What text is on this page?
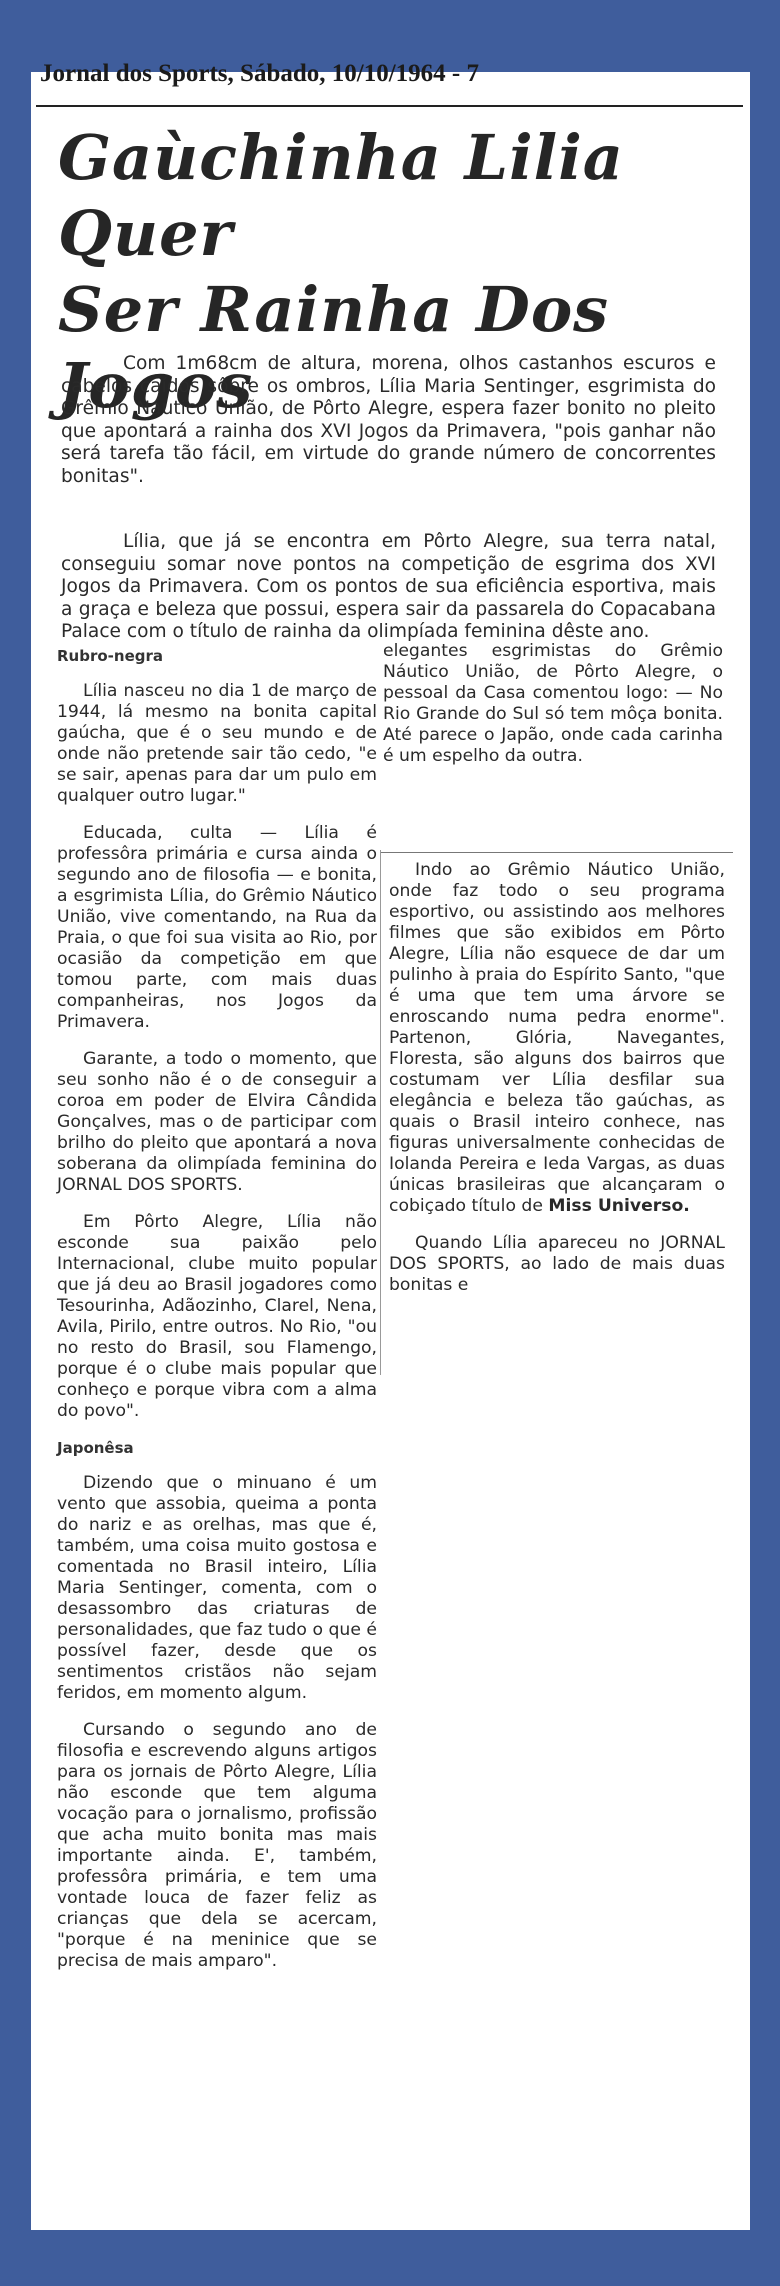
Jornal dos Sports, Sábado, 10/10/1964 - 7
Gaùchinha Lilia Quer
Ser Rainha Dos Jogos

Com 1m68cm de altura, morena, olhos castanhos escuros e cabelos caídos sôbre os ombros, Lília Maria Sentinger, esgrimista do Grêmio Náutico União, de Pôrto Alegre, espera fazer bonito no pleito que apontará a rainha dos XVI Jogos da Primavera, "pois ganhar não será tarefa tão fácil, em virtude do grande número de concorrentes bonitas".

Lília, que já se encontra em Pôrto Alegre, sua terra natal, conseguiu somar nove pontos na competição de esgrima dos XVI Jogos da Primavera. Com os pontos de sua eficiência esportiva, mais a graça e beleza que possui, espera sair da passarela do Copacabana Palace com o título de rainha da olimpíada feminina dêste ano.

Rubro-negra

Lília nasceu no dia 1 de março de 1944, lá mesmo na bonita capital gaúcha, que é o seu mundo e de onde não pretende sair tão cedo, "e se sair, apenas para dar um pulo em qualquer outro lugar."

Educada, culta — Lília é professôra primária e cursa ainda o segundo ano de filosofia — e bonita, a esgrimista Lília, do Grêmio Náutico União, vive comentando, na Rua da Praia, o que foi sua visita ao Rio, por ocasião da competição em que tomou parte, com mais duas companheiras, nos Jogos da Primavera.

Garante, a todo o momento, que seu sonho não é o de conseguir a coroa em poder de Elvira Cândida Gonçalves, mas o de participar com brilho do pleito que apontará a nova soberana da olimpíada feminina do JORNAL DOS SPORTS.

Em Pôrto Alegre, Lília não esconde sua paixão pelo Internacional, clube muito popular que já deu ao Brasil jogadores como Tesourinha, Adãozinho, Clarel, Nena, Avila, Pirilo, entre outros. No Rio, "ou no resto do Brasil, sou Flamengo, porque é o clube mais popular que conheço e porque vibra com a alma do povo".

Japonêsa

Dizendo que o minuano é um vento que assobia, queima a ponta do nariz e as orelhas, mas que é, também, uma coisa muito gostosa e comentada no Brasil inteiro, Lília Maria Sentinger, comenta, com o desassombro das criaturas de personalidades, que faz tudo o que é possível fazer, desde que os sentimentos cristãos não sejam feridos, em momento algum.

Cursando o segundo ano de filosofia e escrevendo alguns artigos para os jornais de Pôrto Alegre, Lília não esconde que tem alguma vocação para o jornalismo, profissão que acha muito bonita mas mais importante ainda. E', também, professôra primária, e tem uma vontade louca de fazer feliz as crianças que dela se acercam, "porque é na meninice que se precisa de mais amparo".

elegantes esgrimistas do Grêmio Náutico União, de Pôrto Alegre, o pessoal da Casa comentou logo: — No Rio Grande do Sul só tem môça bonita. Até parece o Japão, onde cada carinha é um espelho da outra.

Indo ao Grêmio Náutico União, onde faz todo o seu programa esportivo, ou assistindo aos melhores filmes que são exibidos em Pôrto Alegre, Lília não esquece de dar um pulinho à praia do Espírito Santo, "que é uma que tem uma árvore se enroscando numa pedra enorme". Partenon, Glória, Navegantes, Floresta, são alguns dos bairros que costumam ver Lília desfilar sua elegância e beleza tão gaúchas, as quais o Brasil inteiro conhece, nas figuras universalmente conhecidas de Iolanda Pereira e Ieda Vargas, as duas únicas brasileiras que alcançaram o cobiçado título de Miss Universo.

Quando Lília apareceu no JORNAL DOS SPORTS, ao lado de mais duas bonitas e
